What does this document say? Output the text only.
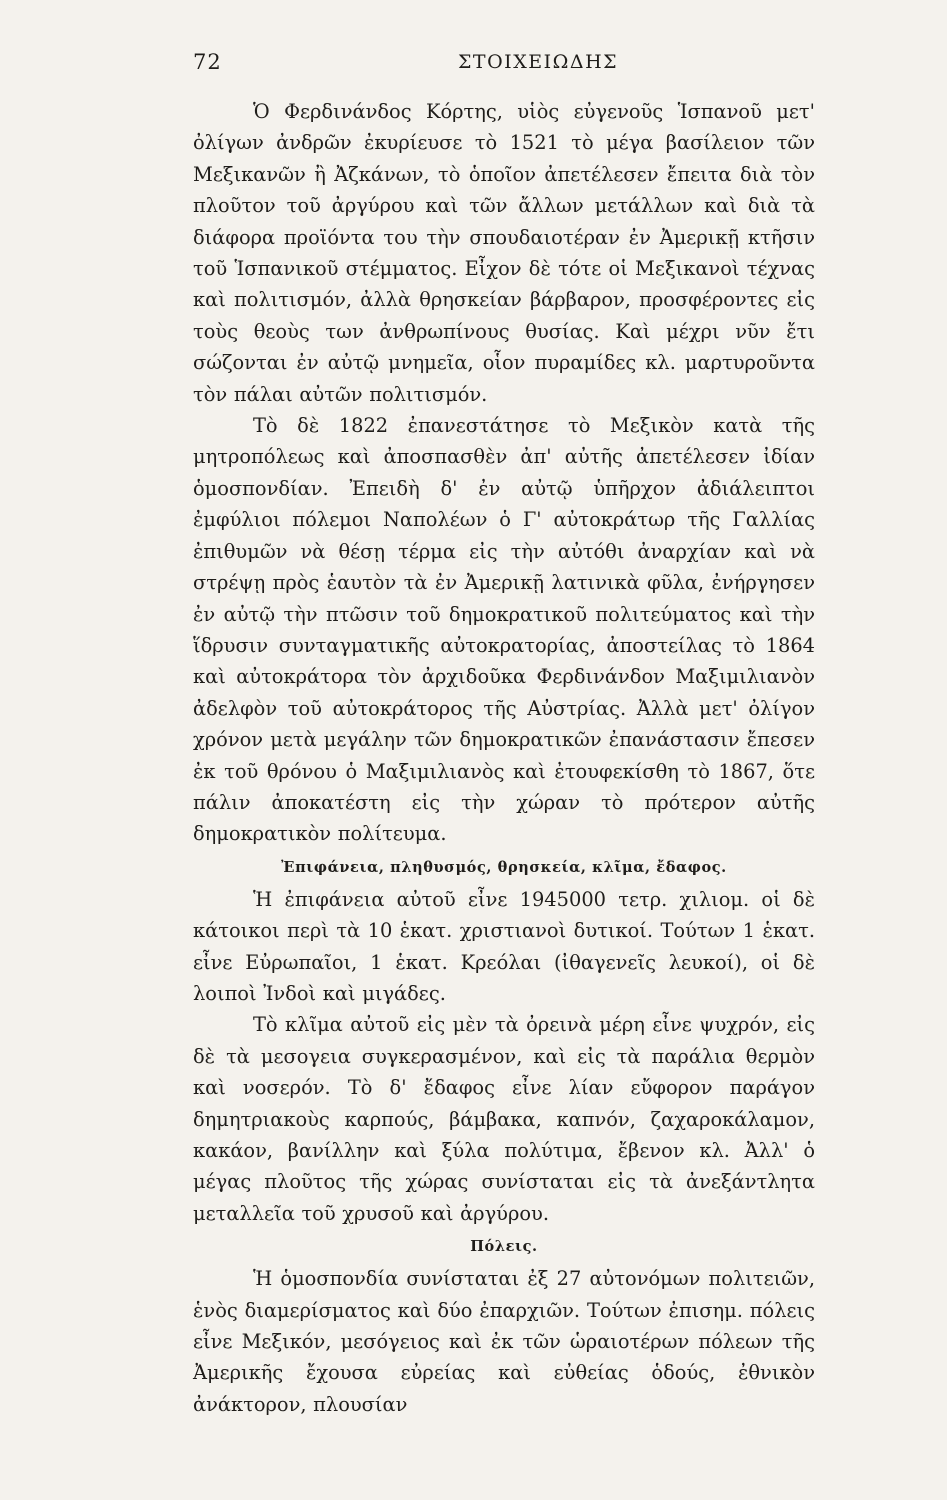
72	ΣΤΟΙΧΕΙΩΔΗΣ

Ὁ Φερδινάνδος Κόρτης, υἱὸς εὐγενοῦς Ἱσπανοῦ μετ' ὀλίγων ἀνδρῶν ἐκυρίευσε τὸ 1521 τὸ μέγα βασίλειον τῶν Μεξικανῶν ἢ Ἀζκάνων, τὸ ὁποῖον ἀπετέλεσεν ἔπειτα διὰ τὸν πλοῦτον τοῦ ἀργύρου καὶ τῶν ἄλλων μετάλλων καὶ διὰ τὰ διάφορα προϊόντα του τὴν σπουδαιοτέραν ἐν Ἀμερικῇ κτῆσιν τοῦ Ἱσπανικοῦ στέμματος. Εἶχον δὲ τότε οἱ Μεξικανοὶ τέχνας καὶ πολιτισμόν, ἀλλὰ θρησκείαν βάρβαρον, προσφέροντες εἰς τοὺς θεοὺς των ἀνθρωπίνους θυσίας. Καὶ μέχρι νῦν ἔτι σώζονται ἐν αὐτῷ μνημεῖα, οἷον πυραμίδες κλ. μαρτυροῦντα τὸν πάλαι αὐτῶν πολιτισμόν.

Τὸ δὲ 1822 ἐπανεστάτησε τὸ Μεξικὸν κατὰ τῆς μητροπόλεως καὶ ἀποσπασθὲν ἀπ' αὐτῆς ἀπετέλεσεν ἰδίαν ὁμοσπονδίαν. Ἐπειδὴ δ' ἐν αὐτῷ ὑπῆρχον ἀδιάλειπτοι ἐμφύλιοι πόλεμοι Ναπολέων ὁ Γ' αὐτοκράτωρ τῆς Γαλλίας ἐπιθυμῶν νὰ θέσῃ τέρμα εἰς τὴν αὐτόθι ἀναρχίαν καὶ νὰ στρέψῃ πρὸς ἑαυτὸν τὰ ἐν Ἀμερικῇ λατινικὰ φῦλα, ἐνήργησεν ἐν αὐτῷ τὴν πτῶσιν τοῦ δημοκρατικοῦ πολιτεύματος καὶ τὴν ἵδρυσιν συνταγματικῆς αὐτοκρατορίας, ἀποστείλας τὸ 1864 καὶ αὐτοκράτορα τὸν ἀρχιδοῦκα Φερδινάνδον Μαξιμιλιανὸν ἀδελφὸν τοῦ αὐτοκράτορος τῆς Αὐστρίας. Ἀλλὰ μετ' ὀλίγον χρόνον μετὰ μεγάλην τῶν δημοκρατικῶν ἐπανάστασιν ἔπεσεν ἐκ τοῦ θρόνου ὁ Μαξιμιλιανὸς καὶ ἐτουφεκίσθη τὸ 1867, ὅτε πάλιν ἀποκατέστη εἰς τὴν χώραν τὸ πρότερον αὐτῆς δημοκρατικὸν πολίτευμα.

Ἐπιφάνεια, πληθυσμός, θρησκεία, κλῖμα, ἔδαφος.

Ἡ ἐπιφάνεια αὐτοῦ εἶνε 1945000 τετρ. χιλιομ. οἱ δὲ κάτοικοι περὶ τὰ 10 ἑκατ. χριστιανοὶ δυτικοί. Τούτων 1 ἑκατ. εἶνε Εὐρωπαῖοι, 1 ἑκατ. Κρεόλαι (ἰθαγενεῖς λευκοί), οἱ δὲ λοιποὶ Ἰνδοὶ καὶ μιγάδες.

Τὸ κλῖμα αὐτοῦ εἰς μὲν τὰ ὀρεινὰ μέρη εἶνε ψυχρόν, εἰς δὲ τὰ μεσογεια συγκερασμένον, καὶ εἰς τὰ παράλια θερμὸν καὶ νοσερόν. Τὸ δ' ἔδαφος εἶνε λίαν εὔφορον παράγον δημητριακοὺς καρπούς, βάμβακα, καπνόν, ζαχαροκάλαμον, κακάον, βανίλλην καὶ ξύλα πολύτιμα, ἔβενον κλ. Ἀλλ' ὁ μέγας πλοῦτος τῆς χώρας συνίσταται εἰς τὰ ἀνεξάντλητα μεταλλεῖα τοῦ χρυσοῦ καὶ ἀργύρου.

Πόλεις.

Ἡ ὁμοσπονδία συνίσταται ἐξ 27 αὐτονόμων πολιτειῶν, ἑνὸς διαμερίσματος καὶ δύο ἐπαρχιῶν. Τούτων ἐπισημ. πόλεις εἶνε Μεξικόν, μεσόγειος καὶ ἐκ τῶν ὡραιοτέρων πόλεων τῆς Ἀμερικῆς ἔχουσα εὐρείας καὶ εὐθείας ὁδούς, ἐθνικὸν ἀνάκτορον, πλουσίαν
